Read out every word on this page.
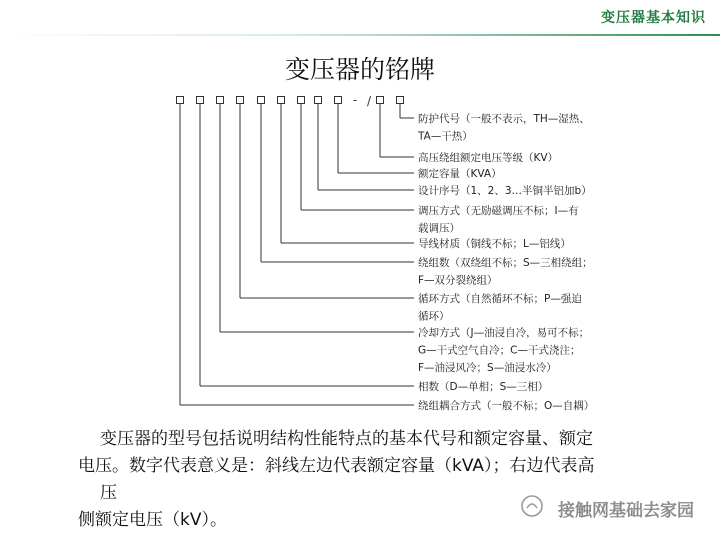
变压器基本知识
变压器的铭牌
- /
防护代号（一般不表示，TH—湿热、
TA—干热）
高压绕组额定电压等级（KV）
额定容量（KVA）
设计序号（1、2、3…半铜半铝加b）
调压方式（无励磁调压不标；I—有
载调压）
导线材质（铜线不标；L—铝线）
绕组数（双绕组不标；S—三相绕组；
F—双分裂绕组）
循环方式（自然循环不标；P—强迫
循环）
冷却方式（J—油浸自冷，易可不标；
G—干式空气自冷；C—干式浇注；
F—油浸风冷；S—油浸水冷）
相数（D—单相；S—三相）
绕组耦合方式（一般不标；O—自耦）

变压器的型号包括说明结构性能特点的基本代号和额定容量、额定

电压。数字代表意义是：斜线左边代表额定容量（kVA）；右边代表高

压

侧额定电压（kV）。	接触网基础去家园
